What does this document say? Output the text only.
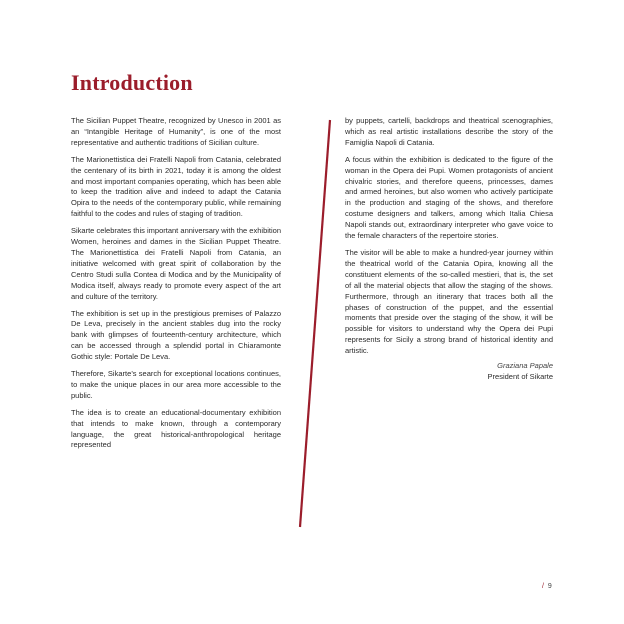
Introduction

The Sicilian Puppet Theatre, recognized by Unesco in 2001 as an “Intangible Heritage of Humanity”, is one of the most representative and authentic traditions of Sicilian culture.

The Marionettistica dei Fratelli Napoli from Catania, celebrated the centenary of its birth in 2021, today it is among the oldest and most important companies operating, which has been able to keep the tradition alive and indeed to adapt the Catania Opira to the needs of the contemporary public, while remaining faithful to the codes and rules of staging of tradition.

Sikarte celebrates this important anniversary with the exhibition Women, heroines and dames in the Sicilian Puppet Theatre. The Marionettistica dei Fratelli Napoli from Catania, an initiative welcomed with great spirit of collaboration by the Centro Studi sulla Contea di Modica and by the Municipality of Modica itself, always ready to promote every aspect of the art and culture of the territory.

The exhibition is set up in the prestigious premises of Palazzo De Leva, precisely in the ancient stables dug into the rocky bank with glimpses of fourteenth-century architecture, which can be accessed through a splendid portal in Chiaramonte Gothic style: Portale De Leva.

Therefore, Sikarte’s search for exceptional locations continues, to make the unique places in our area more accessible to the public.

The idea is to create an educational-documentary exhibition that intends to make known, through a contemporary language, the great historical-anthropological heritage represented

by puppets, cartelli, backdrops and theatrical scenographies, which as real artistic installations describe the story of the Famiglia Napoli di Catania.

A focus within the exhibition is dedicated to the figure of the woman in the Opera dei Pupi. Women protagonists of ancient chivalric stories, and therefore queens, princesses, dames and armed heroines, but also women who actively participate in the production and staging of the shows, and therefore costume designers and talkers, among which Italia Chiesa Napoli stands out, extraordinary interpreter who gave voice to the female characters of the repertoire stories.

The visitor will be able to make a hundred-year journey within the theatrical world of the Catania Opira, knowing all the constituent elements of the so-called mestieri, that is, the set of all the material objects that allow the staging of the shows. Furthermore, through an itinerary that traces both all the phases of construction of the puppet, and the essential moments that preside over the staging of the show, it will be possible for visitors to understand why the Opera dei Pupi represents for Sicily a strong brand of historical identity and artistic.

Graziana Papale
President of Sikarte
/ 9
